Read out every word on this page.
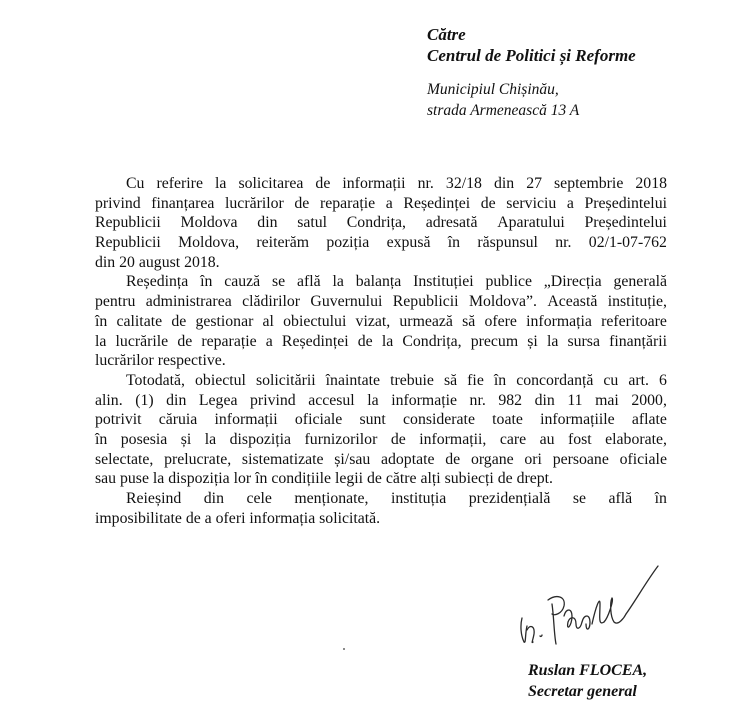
Către
Centrul de Politici și Reforme
Municipiul Chișinău,
strada Armenească 13 A
Cu referire la solicitarea de informații nr. 32/18 din 27 septembrie 2018
privind finanțarea lucrărilor de reparație a Reședinței de serviciu a Președintelui
Republicii Moldova din satul Condrița, adresată Aparatului Președintelui
Republicii Moldova, reiterăm poziția expusă în răspunsul nr. 02/1-07-762
din 20 august 2018.
Reședința în cauză se află la balanța Instituției publice „Direcția generală
pentru administrarea clădirilor Guvernului Republicii Moldova”. Această instituție,
în calitate de gestionar al obiectului vizat, urmează să ofere informația referitoare
la lucrările de reparație a Reședinței de la Condrița, precum și la sursa finanțării
lucrărilor respective.
Totodată, obiectul solicitării înaintate trebuie să fie în concordanță cu art. 6
alin. (1) din Legea privind accesul la informație nr. 982 din 11 mai 2000,
potrivit căruia informații oficiale sunt considerate toate informațiile aflate
în posesia și la dispoziția furnizorilor de informații, care au fost elaborate,
selectate, prelucrate, sistematizate și/sau adoptate de organe ori persoane oficiale
sau puse la dispoziția lor în condițiile legii de către alți subiecți de drept.
Reieșind din cele menționate, instituția prezidențială se află în
imposibilitate de a oferi informația solicitată.
Ruslan FLOCEA,
Secretar general
